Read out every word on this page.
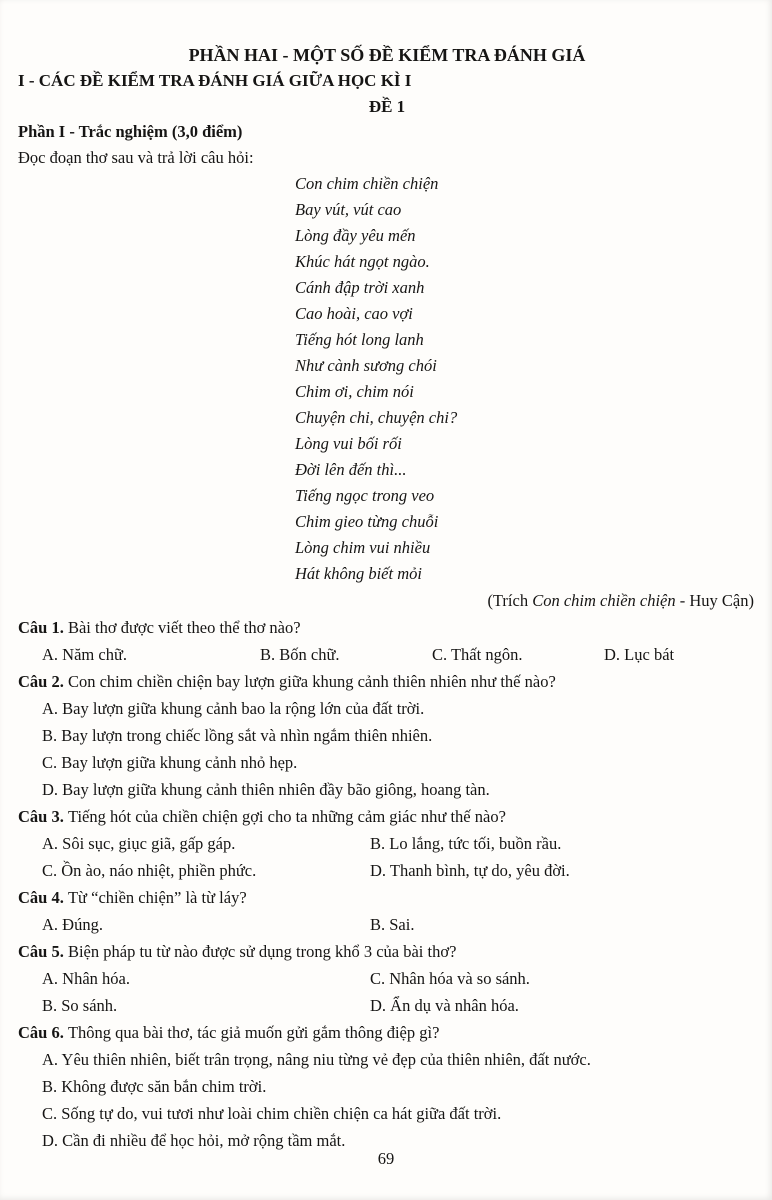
PHẦN HAI - MỘT SỐ ĐỀ KIỂM TRA ĐÁNH GIÁ
I - CÁC ĐỀ KIỂM TRA ĐÁNH GIÁ GIỮA HỌC KÌ I
ĐỀ 1

Phần I - Trắc nghiệm (3,0 điểm)

Đọc đoạn thơ sau và trả lời câu hỏi:

Con chim chiền chiện
Bay vút, vút cao
Lòng đầy yêu mến
Khúc hát ngọt ngào.
Cánh đập trời xanh
Cao hoài, cao vợi
Tiếng hót long lanh
Như cành sương chói
Chim ơi, chim nói
Chuyện chi, chuyện chi?
Lòng vui bối rối
Đời lên đến thì...
Tiếng ngọc trong veo
Chim gieo từng chuỗi
Lòng chim vui nhiều
Hát không biết mỏi

(Trích Con chim chiền chiện - Huy Cận)

Câu 1. Bài thơ được viết theo thể thơ nào?

A. Năm chữ.	B. Bốn chữ.	C. Thất ngôn.	D. Lục bát

Câu 2. Con chim chiền chiện bay lượn giữa khung cảnh thiên nhiên như thế nào?

A. Bay lượn giữa khung cảnh bao la rộng lớn của đất trời.
B. Bay lượn trong chiếc lồng sắt và nhìn ngắm thiên nhiên.
C. Bay lượn giữa khung cảnh nhỏ hẹp.
D. Bay lượn giữa khung cảnh thiên nhiên đầy bão giông, hoang tàn.

Câu 3. Tiếng hót của chiền chiện gợi cho ta những cảm giác như thế nào?

A. Sôi sục, giục giã, gấp gáp.	B. Lo lắng, tức tối, buồn rầu.
C. Ồn ào, náo nhiệt, phiền phức.	D. Thanh bình, tự do, yêu đời.

Câu 4. Từ “chiền chiện” là từ láy?

A. Đúng.	B. Sai.

Câu 5. Biện pháp tu từ nào được sử dụng trong khổ 3 của bài thơ?

A. Nhân hóa.	C. Nhân hóa và so sánh.
B. So sánh.	D. Ẩn dụ và nhân hóa.

Câu 6. Thông qua bài thơ, tác giả muốn gửi gắm thông điệp gì?

A. Yêu thiên nhiên, biết trân trọng, nâng niu từng vẻ đẹp của thiên nhiên, đất nước.
B. Không được săn bắn chim trời.
C. Sống tự do, vui tươi như loài chim chiền chiện ca hát giữa đất trời.
D. Cần đi nhiều để học hỏi, mở rộng tầm mắt.
69
